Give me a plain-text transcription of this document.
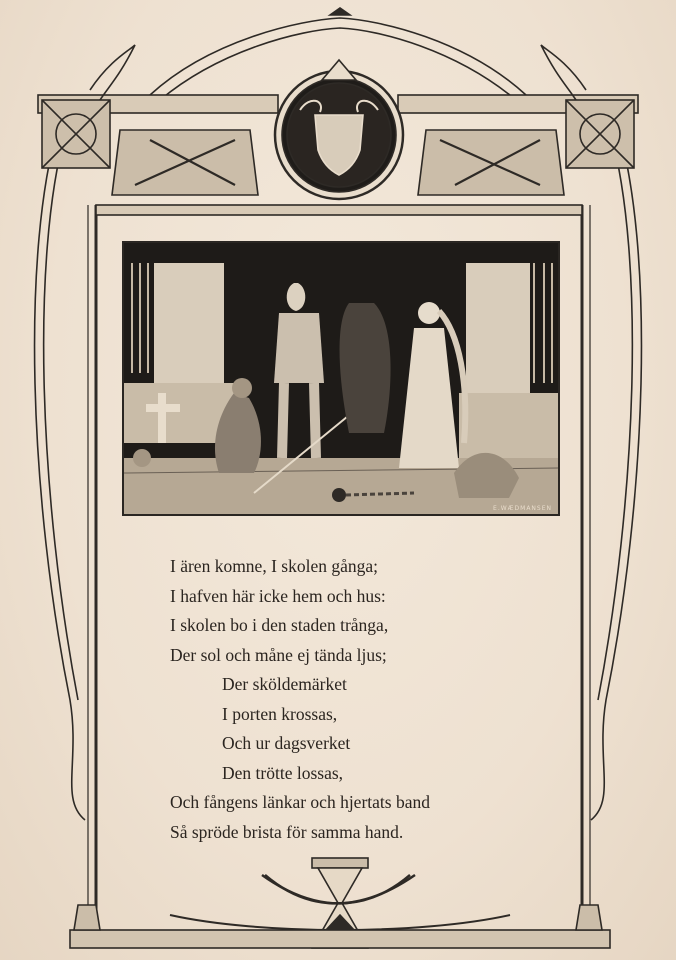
E.WÆDMANSEN
I ären komne, I skolen gånga;
I hafven här icke hem och hus:
I skolen bo i den staden trånga,
Der sol och måne ej tända ljus;
Der sköldemärket
I porten krossas,
Och ur dagsverket
Den trötte lossas,
Och fångens länkar och hjertats band
Så spröde brista för samma hand.
